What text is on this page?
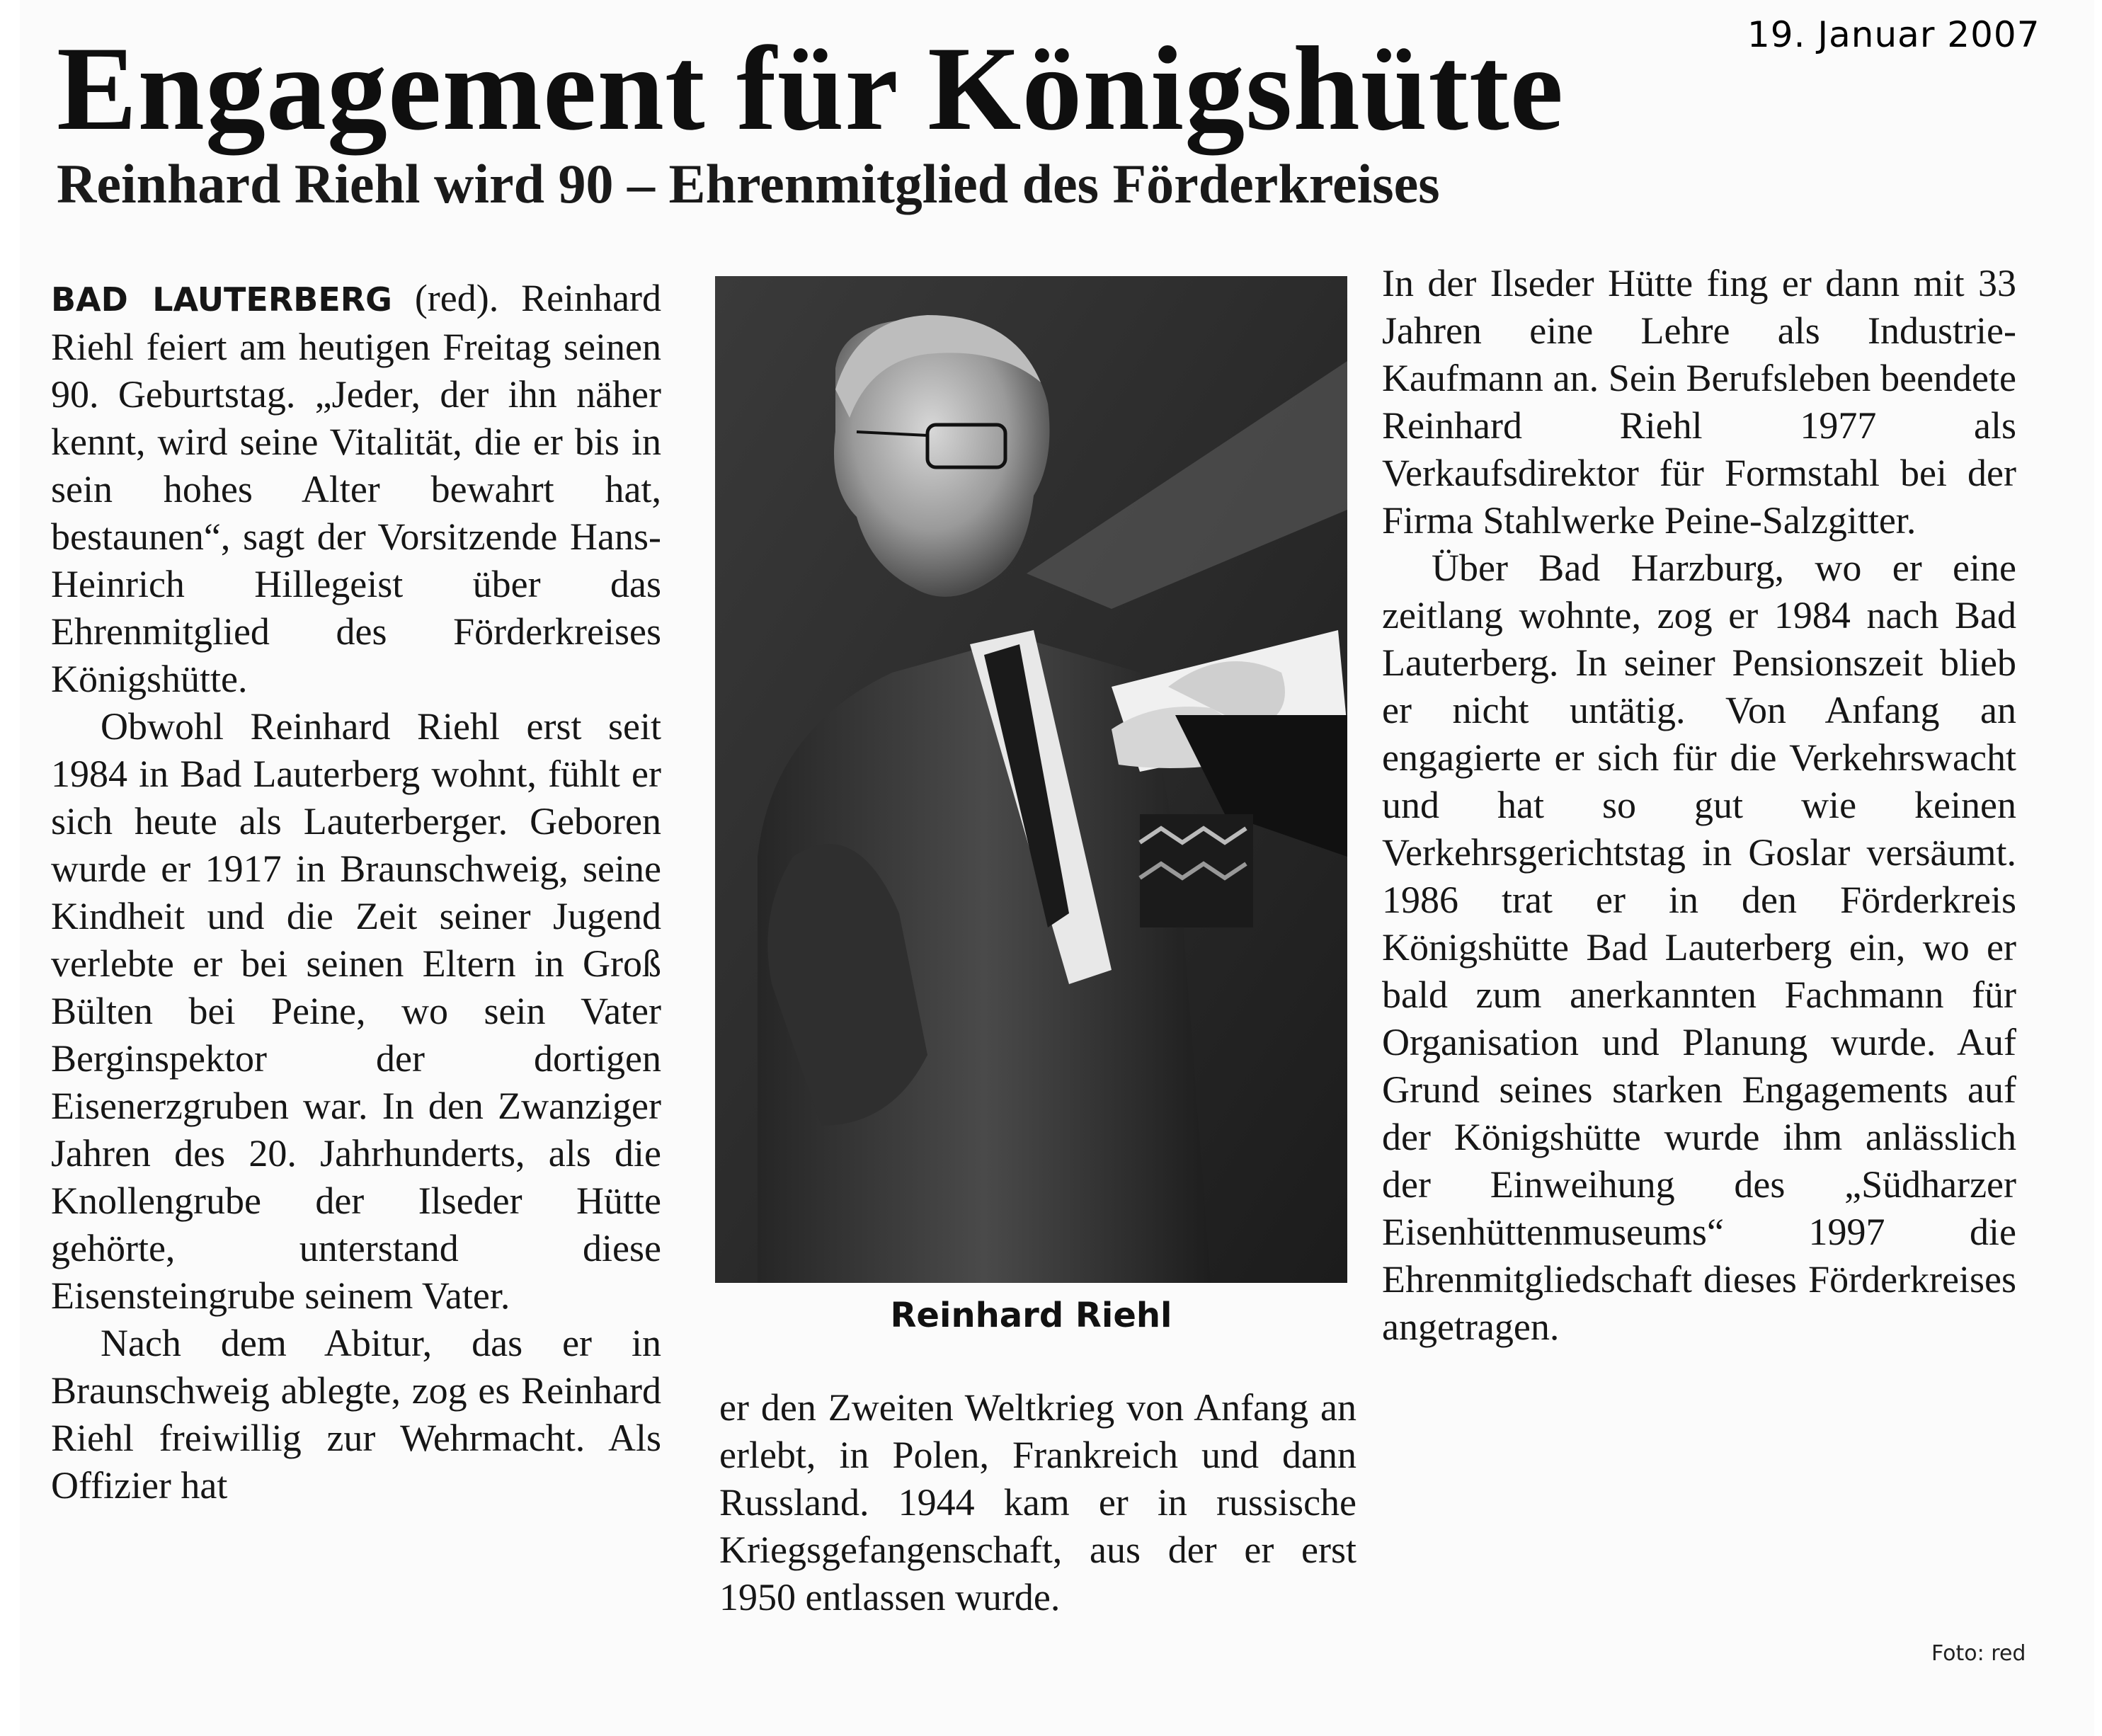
19. Januar 2007
Engagement für Königshütte
Reinhard Riehl wird 90 – Ehrenmitglied des Förderkreises

BAD LAUTERBERG (red). Reinhard Riehl feiert am heutigen Freitag seinen 90. Geburtstag. „Jeder, der ihn näher kennt, wird seine Vitalität, die er bis in sein hohes Alter bewahrt hat, bestaunen“, sagt der Vorsitzende Hans-Heinrich Hillegeist über das Ehrenmitglied des Förderkreises Königshütte.

Obwohl Reinhard Riehl erst seit 1984 in Bad Lauterberg wohnt, fühlt er sich heute als Lauterberger. Geboren wurde er 1917 in Braunschweig, seine Kindheit und die Zeit seiner Jugend verlebte er bei seinen Eltern in Groß Bülten bei Peine, wo sein Vater Berginspektor der dortigen Eisenerzgruben war. In den Zwanziger Jahren des 20. Jahrhunderts, als die Knollengrube der Ilseder Hütte gehörte, unterstand diese Eisensteingrube seinem Vater.

Nach dem Abitur, das er in Braunschweig ablegte, zog es Reinhard Riehl freiwillig zur Wehrmacht. Als Offizier hat

Reinhard Riehl

er den Zweiten Weltkrieg von Anfang an erlebt, in Polen, Frankreich und dann Russland. 1944 kam er in russische Kriegsgefangenschaft, aus der er erst 1950 entlassen wurde.

In der Ilseder Hütte fing er dann mit 33 Jahren eine Lehre als Industrie-Kaufmann an. Sein Berufsleben beendete Reinhard Riehl 1977 als Verkaufsdirektor für Formstahl bei der Firma Stahlwerke Peine-Salzgitter.

Über Bad Harzburg, wo er eine zeitlang wohnte, zog er 1984 nach Bad Lauterberg. In seiner Pensionszeit blieb er nicht untätig. Von Anfang an engagierte er sich für die Verkehrswacht und hat so gut wie keinen Verkehrsgerichtstag in Goslar versäumt. 1986 trat er in den Förderkreis Königshütte Bad Lauterberg ein, wo er bald zum anerkannten Fachmann für Organisation und Planung wurde. Auf Grund seines starken Engagements auf der Königshütte wurde ihm anlässlich der Einweihung des „Südharzer Eisenhüttenmuseums“ 1997 die Ehrenmitgliedschaft dieses Förderkreises angetragen.

Foto: red
